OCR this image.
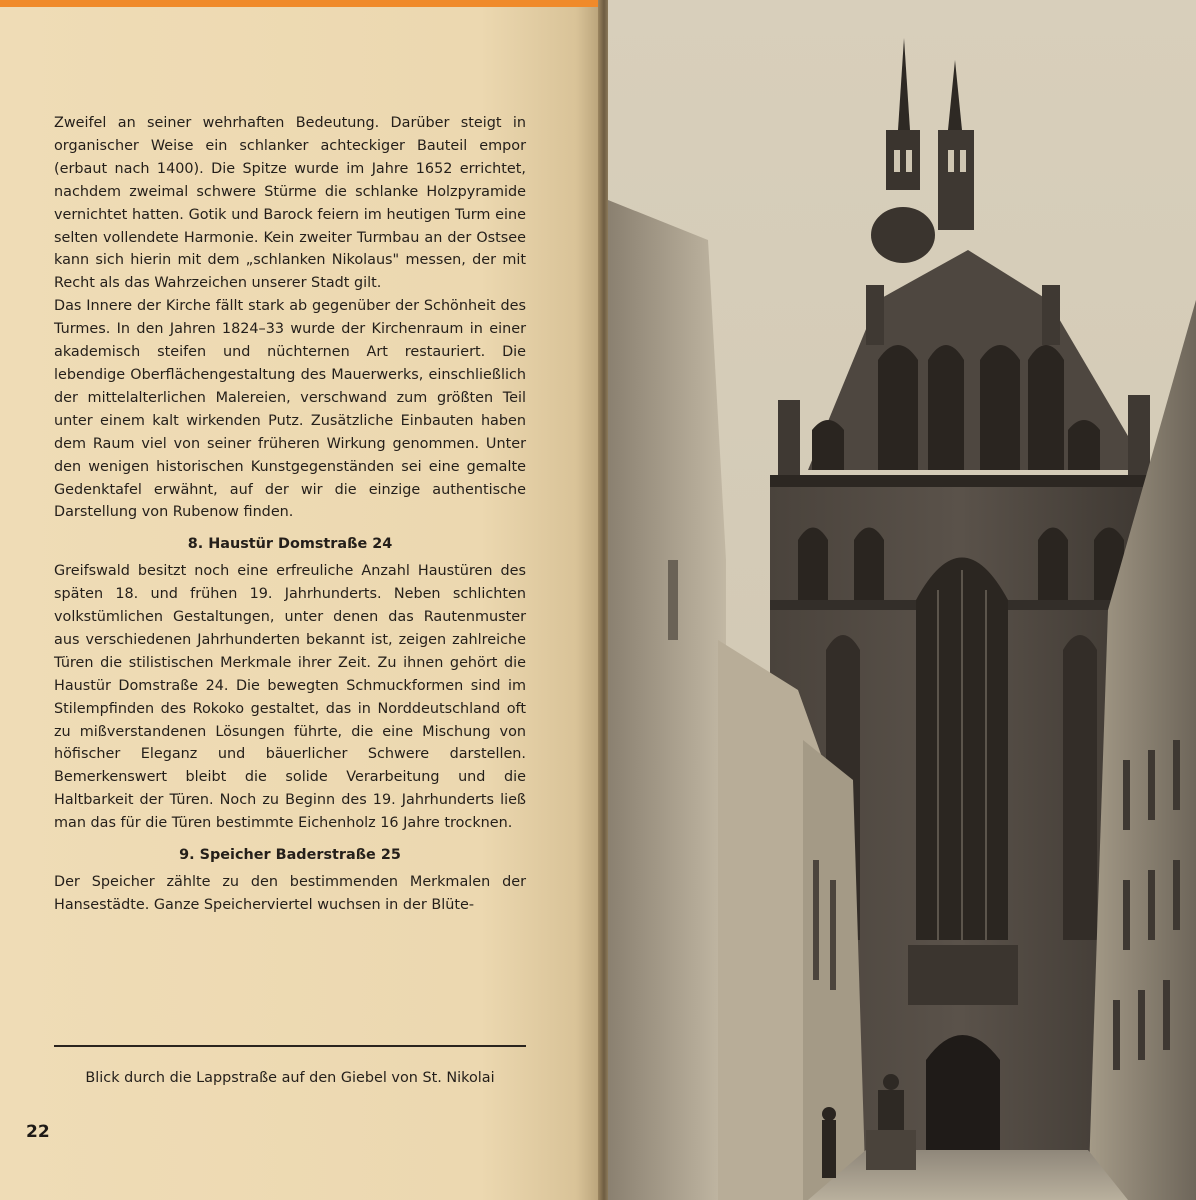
Zweifel an seiner wehrhaften Bedeutung. Darüber steigt in organischer Weise ein schlanker achteckiger Bauteil empor (erbaut nach 1400). Die Spitze wurde im Jahre 1652 errichtet, nachdem zweimal schwere Stürme die schlanke Holzpyramide vernichtet hatten. Gotik und Barock feiern im heutigen Turm eine selten vollendete Harmonie. Kein zweiter Turmbau an der Ostsee kann sich hierin mit dem „schlanken Nikolaus" messen, der mit Recht als das Wahrzeichen unserer Stadt gilt.

Das Innere der Kirche fällt stark ab gegenüber der Schönheit des Turmes. In den Jahren 1824–33 wurde der Kirchenraum in einer akademisch steifen und nüchternen Art restauriert. Die lebendige Oberflächengestaltung des Mauerwerks, einschließlich der mittelalterlichen Malereien, verschwand zum größten Teil unter einem kalt wirkenden Putz. Zusätzliche Einbauten haben dem Raum viel von seiner früheren Wirkung genommen. Unter den wenigen historischen Kunstgegenständen sei eine gemalte Gedenktafel erwähnt, auf der wir die einzige authentische Darstellung von Rubenow finden.

8. Haustür Domstraße 24

Greifswald besitzt noch eine erfreuliche Anzahl Haustüren des späten 18. und frühen 19. Jahrhunderts. Neben schlichten volkstümlichen Gestaltungen, unter denen das Rautenmuster aus verschiedenen Jahrhunderten bekannt ist, zeigen zahlreiche Türen die stilistischen Merkmale ihrer Zeit. Zu ihnen gehört die Haustür Domstraße 24. Die bewegten Schmuckformen sind im Stilempfinden des Rokoko gestaltet, das in Norddeutschland oft zu mißverstandenen Lösungen führte, die eine Mischung von höfischer Eleganz und bäuerlicher Schwere darstellen. Bemerkenswert bleibt die solide Verarbeitung und die Haltbarkeit der Türen. Noch zu Beginn des 19. Jahrhunderts ließ man das für die Türen bestimmte Eichenholz 16 Jahre trocknen.

9. Speicher Baderstraße 25

Der Speicher zählte zu den bestimmenden Merkmalen der Hansestädte. Ganze Speicherviertel wuchsen in der Blüte-

Blick durch die Lappstraße auf den Giebel von St. Nikolai
22
